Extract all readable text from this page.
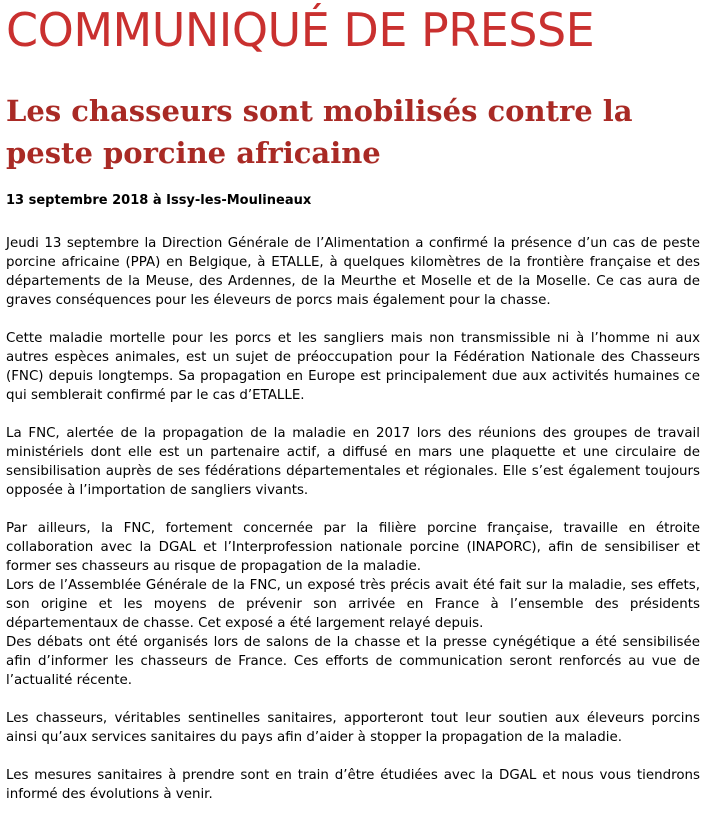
COMMUNIQUÉ DE PRESSE
Les chasseurs sont mobilisés contre la peste porcine africaine
13 septembre 2018 à Issy-les-Moulineaux

Jeudi 13 septembre la Direction Générale de l’Alimentation a confirmé la présence d’un cas de peste porcine africaine (PPA) en Belgique, à ETALLE, à quelques kilomètres de la frontière française et des départements de la Meuse, des Ardennes, de la Meurthe et Moselle et de la Moselle. Ce cas aura de graves conséquences pour les éleveurs de porcs mais également pour la chasse.

Cette maladie mortelle pour les porcs et les sangliers mais non transmissible ni à l’homme ni aux autres espèces animales, est un sujet de préoccupation pour la Fédération Nationale des Chasseurs (FNC) depuis longtemps. Sa propagation en Europe est principalement due aux activités humaines ce qui semblerait confirmé par le cas d’ETALLE.

La FNC, alertée de la propagation de la maladie en 2017 lors des réunions des groupes de travail ministériels dont elle est un partenaire actif, a diffusé en mars une plaquette et une circulaire de sensibilisation auprès de ses fédérations départementales et régionales. Elle s’est également toujours opposée à l’importation de sangliers vivants.

Par ailleurs, la FNC, fortement concernée par la filière porcine française, travaille en étroite collaboration avec la DGAL et l’Interprofession nationale porcine (INAPORC), afin de sensibiliser et former ses chasseurs au risque de propagation de la maladie.

Lors de l’Assemblée Générale de la FNC, un exposé très précis avait été fait sur la maladie, ses effets, son origine et les moyens de prévenir son arrivée en France à l’ensemble des présidents départementaux de chasse. Cet exposé a été largement relayé depuis.

Des débats ont été organisés lors de salons de la chasse et la presse cynégétique a été sensibilisée afin d’informer les chasseurs de France. Ces efforts de communication seront renforcés au vue de l’actualité récente.

Les chasseurs, véritables sentinelles sanitaires, apporteront tout leur soutien aux éleveurs porcins ainsi qu’aux services sanitaires du pays afin d’aider à stopper la propagation de la maladie.

Les mesures sanitaires à prendre sont en train d’être étudiées avec la DGAL et nous vous tiendrons informé des évolutions à venir.
